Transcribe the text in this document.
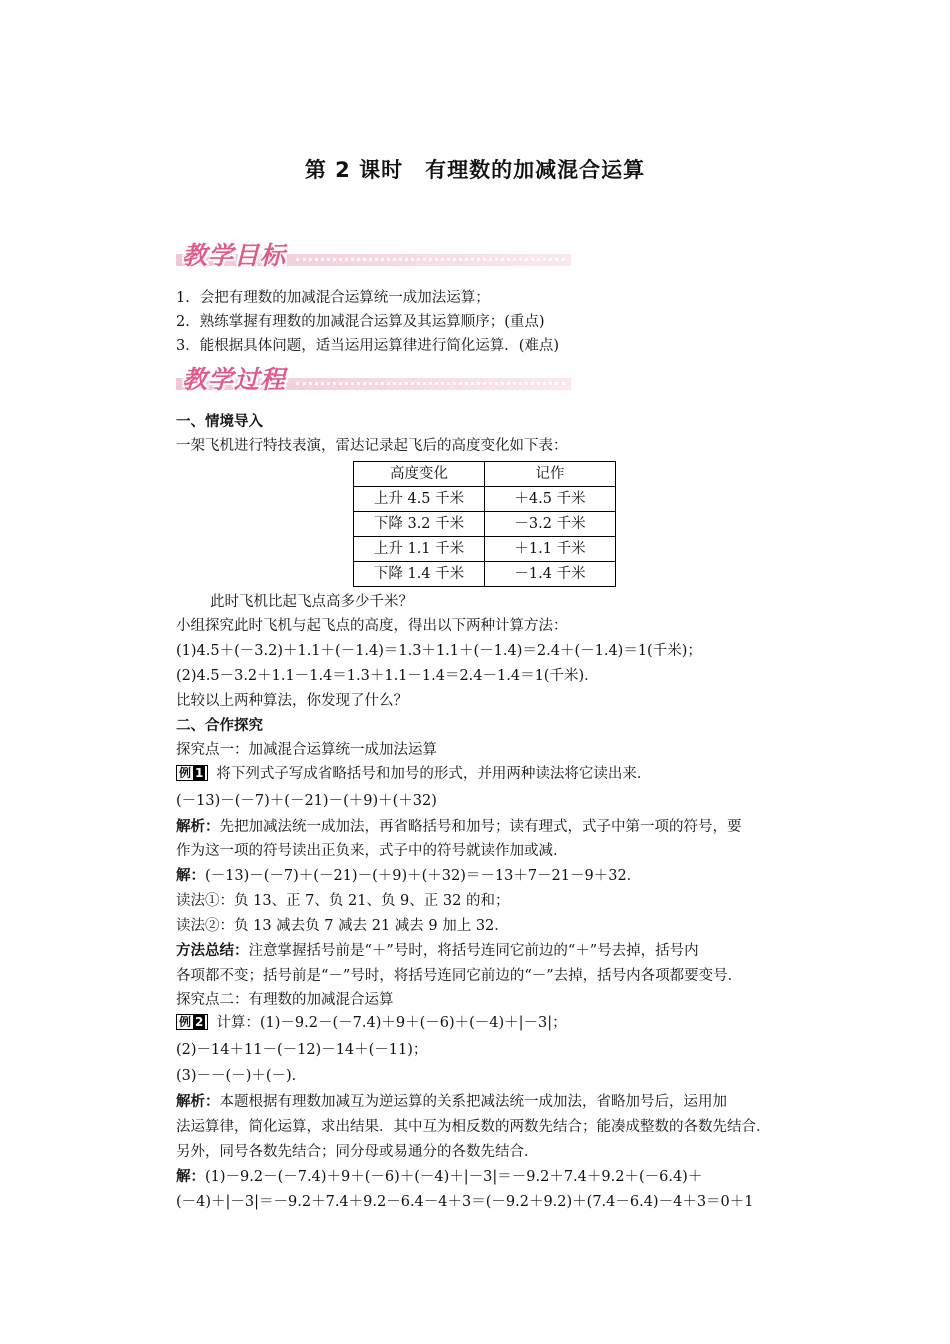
第 2 课时　有理数的加减混合运算
教学目标
1．会把有理数的加减混合运算统一成加法运算；
2．熟练掌握有理数的加减混合运算及其运算顺序；(重点)
3．能根据具体问题，适当运用运算律进行简化运算．(难点)
教学过程
一、情境导入
一架飞机进行特技表演，雷达记录起飞后的高度变化如下表：
高度变化	记作
上升 4.5 千米	＋4.5 千米
下降 3.2 千米	－3.2 千米
上升 1.1 千米	＋1.1 千米
下降 1.4 千米	－1.4 千米
此时飞机比起飞点高多少千米？
小组探究此时飞机与起飞点的高度，得出以下两种计算方法：
(1)4.5＋(－3.2)＋1.1＋(－1.4)＝1.3＋1.1＋(－1.4)＝2.4＋(－1.4)＝1(千米)；
(2)4.5－3.2＋1.1－1.4＝1.3＋1.1－1.4＝2.4－1.4＝1(千米)．
比较以上两种算法，你发现了什么？
二、合作探究
探究点一：加减混合运算统一成加法运算
例 1 将下列式子写成省略括号和加号的形式，并用两种读法将它读出来．
(－13)－(－7)＋(－21)－(＋9)＋(＋32)
解析：先把加减法统一成加法，再省略括号和加号；读有理式，式子中第一项的符号，要
作为这一项的符号读出正负来，式子中的符号就读作加或减．
解：(－13)－(－7)＋(－21)－(＋9)＋(＋32)＝－13＋7－21－9＋32．
读法①：负 13、正 7、负 21、负 9、正 32 的和；
读法②：负 13 减去负 7 减去 21 减去 9 加上 32．
方法总结：注意掌握括号前是“＋”号时，将括号连同它前边的“＋”号去掉，括号内
各项都不变；括号前是“－”号时，将括号连同它前边的“－”去掉，括号内各项都要变号．
探究点二：有理数的加减混合运算
例 2 计算：(1)－9.2－(－7.4)＋9＋(－6)＋(－4)＋|－3|；
(2)－14＋11－(－12)－14＋(－11)；
(3)－－(－)＋(－)．
解析：本题根据有理数加减互为逆运算的关系把减法统一成加法，省略加号后，运用加
法运算律，简化运算，求出结果．其中互为相反数的两数先结合；能凑成整数的各数先结合．
另外，同号各数先结合；同分母或易通分的各数先结合．
解：(1)－9.2－(－7.4)＋9＋(－6)＋(－4)＋|－3|＝－9.2＋7.4＋9.2＋(－6.4)＋
(－4)＋|－3|＝－9.2＋7.4＋9.2－6.4－4＋3＝(－9.2＋9.2)＋(7.4－6.4)－4＋3＝0＋1
